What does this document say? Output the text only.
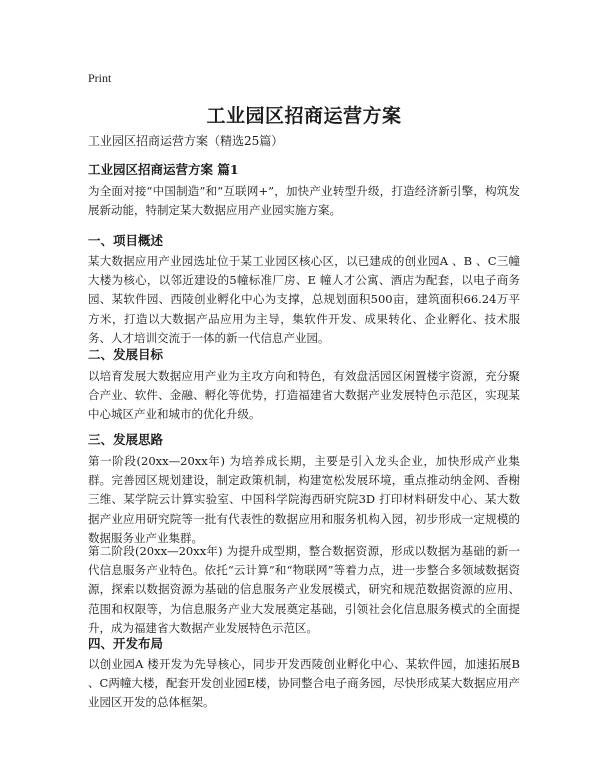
Print
工业园区招商运营方案

工业园区招商运营方案（精选25篇）

工业园区招商运营方案 篇1

为全面对接“中国制造”和“互联网+”，加快产业转型升级，打造经济新引擎，构筑发展新动能，特制定某大数据应用产业园实施方案。

一、项目概述

某大数据应用产业园选址位于某工业园区核心区，以已建成的创业园A 、B 、C三幢大楼为核心，以邻近建设的5幢标准厂房、E 幢人才公寓、酒店为配套，以电子商务园、某软件园、西陵创业孵化中心为支撑，总规划面积500亩，建筑面积66.24万平方米，打造以大数据产品应用为主导，集软件开发、成果转化、企业孵化、技术服务、人才培训交流于一体的新一代信息产业园。

二、发展目标

以培育发展大数据应用产业为主攻方向和特色，有效盘活园区闲置楼宇资源，充分聚合产业、软件、金融、孵化等优势，打造福建省大数据产业发展特色示范区，实现某中心城区产业和城市的优化升级。

三、发展思路

第一阶段(20xx—20xx年) 为培养成长期，主要是引入龙头企业，加快形成产业集群。完善园区规划建设，制定政策机制，构建宽松发展环境，重点推动纳金网、香榭三维、某学院云计算实验室、中国科学院海西研究院3D 打印材料研发中心、某大数据产业应用研究院等一批有代表性的数据应用和服务机构入园，初步形成一定规模的数据服务业产业集群。

第二阶段(20xx—20xx年) 为提升成型期，整合数据资源，形成以数据为基础的新一代信息服务产业特色。依托“云计算”和“物联网”等着力点，进一步整合多领域数据资源，探索以数据资源为基础的信息服务产业发展模式，研究和规范数据资源的应用、范围和权限等，为信息服务产业大发展奠定基础，引领社会化信息服务模式的全面提升，成为福建省大数据产业发展特色示范区。

四、开发布局

以创业园A 楼开发为先导核心，同步开发西陵创业孵化中心、某软件园，加速拓展B 、C两幢大楼，配套开发创业园E楼，协同整合电子商务园，尽快形成某大数据应用产业园区开发的总体框架。
